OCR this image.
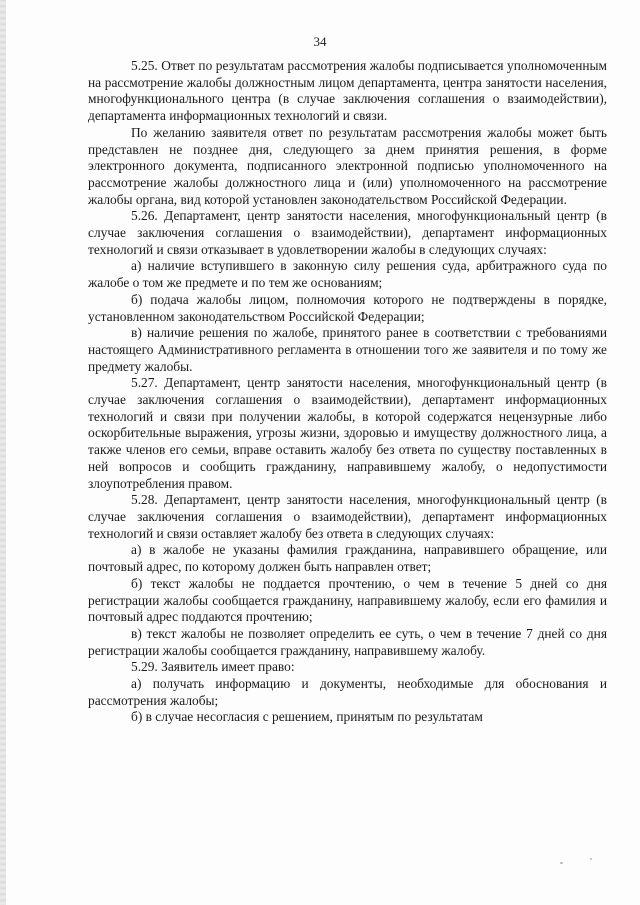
34

5.25. Ответ по результатам рассмотрения жалобы подписывается уполномоченным на рассмотрение жалобы должностным лицом департамента, центра занятости населения, многофункционального центра (в случае заключения соглашения о взаимодействии), департамента информационных технологий и связи.

По желанию заявителя ответ по результатам рассмотрения жалобы может быть представлен не позднее дня, следующего за днем принятия решения, в форме электронного документа, подписанного электронной подписью уполномоченного на рассмотрение жалобы должностного лица и (или) уполномоченного на рассмотрение жалобы органа, вид которой установлен законодательством Российской Федерации.

5.26. Департамент, центр занятости населения, многофункциональный центр (в случае заключения соглашения о взаимодействии), департамент информационных технологий и связи отказывает в удовлетворении жалобы в следующих случаях:

а) наличие вступившего в законную силу решения суда, арбитражного суда по жалобе о том же предмете и по тем же основаниям;

б) подача жалобы лицом, полномочия которого не подтверждены в порядке, установленном законодательством Российской Федерации;

в) наличие решения по жалобе, принятого ранее в соответствии с требованиями настоящего Административного регламента в отношении того же заявителя и по тому же предмету жалобы.

5.27. Департамент, центр занятости населения, многофункциональный центр (в случае заключения соглашения о взаимодействии), департамент информационных технологий и связи при получении жалобы, в которой содержатся нецензурные либо оскорбительные выражения, угрозы жизни, здоровью и имуществу должностного лица, а также членов его семьи, вправе оставить жалобу без ответа по существу поставленных в ней вопросов и сообщить гражданину, направившему жалобу, о недопустимости злоупотребления правом.

5.28. Департамент, центр занятости населения, многофункциональный центр (в случае заключения соглашения о взаимодействии), департамент информационных технологий и связи оставляет жалобу без ответа в следующих случаях:

а) в жалобе не указаны фамилия гражданина, направившего обращение, или почтовый адрес, по которому должен быть направлен ответ;

б) текст жалобы не поддается прочтению, о чем в течение 5 дней со дня регистрации жалобы сообщается гражданину, направившему жалобу, если его фамилия и почтовый адрес поддаются прочтению;

в) текст жалобы не позволяет определить ее суть, о чем в течение 7 дней со дня регистрации жалобы сообщается гражданину, направившему жалобу.

5.29. Заявитель имеет право:

а) получать информацию и документы, необходимые для обоснования и рассмотрения жалобы;

б) в случае несогласия с решением, принятым по результатам
